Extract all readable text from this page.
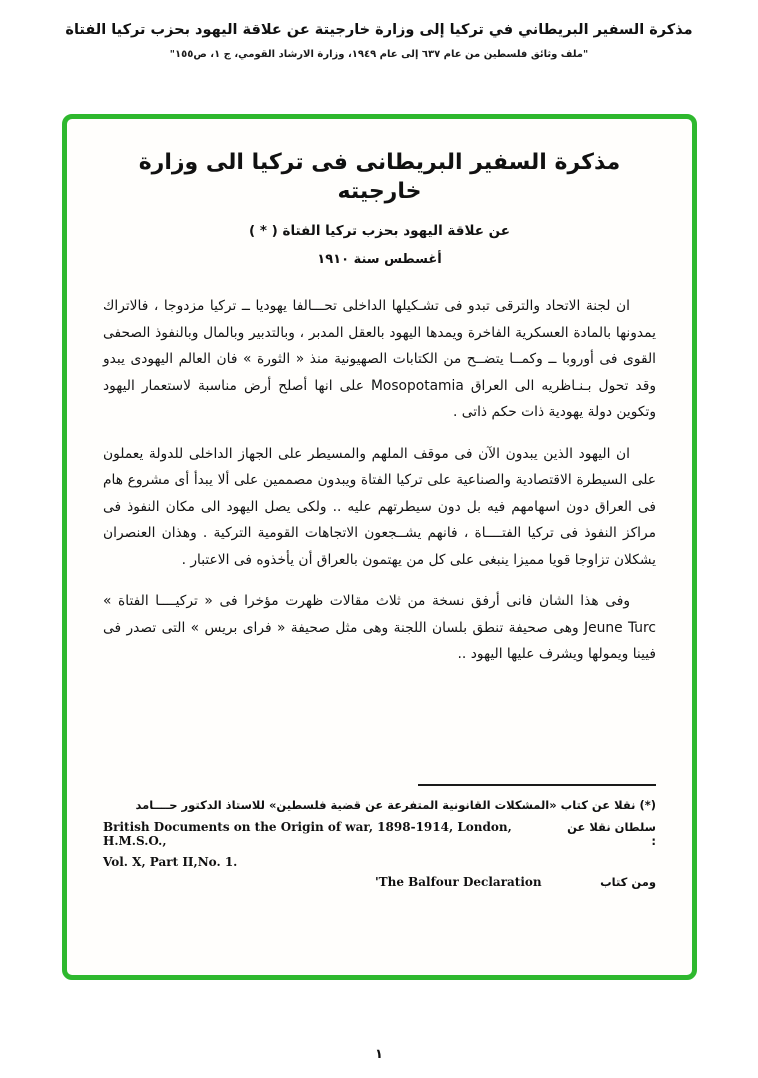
مذكرة السفير البريطاني في تركيا إلى وزارة خارجيتة عن علاقة اليهود بحزب تركيا الفتاة
"ملف وثائق فلسطين من عام ٦٣٧ إلى عام ١٩٤٩، وزارة الارشاد القومي، ج ١، ص١٥٥"
مذكرة السفير البريطانى فى تركيا الى وزارة خارجيته
عن علاقة اليهود بحزب تركيا الفتاة ( * )
أغسطس سنة ١٩١٠

ان لجنة الاتحاد والترقى تبدو فى تشـكيلها الداخلى تحـــالفا يهوديا ــ تركيا مزدوجا ، فالاتراك يمدونها بالمادة العسكرية الفاخرة ويمدها اليهود بالعقل المدبر ، وبالتدبير وبالمال وبالنفوذ الصحفى القوى فى أوروبا ــ وكمــا يتضــح من الكتابات الصهيونية منذ « الثورة » فان العالم اليهودى يبدو وقد تحول بـنـاظريه الى العراق Mosopotamia على انها أصلح أرض مناسبة لاستعمار اليهود وتكوين دولة يهودية ذات حكم ذاتى .

ان اليهود الذين يبدون الآن فى موقف الملهم والمسيطر على الجهاز الداخلى للدولة يعملون على السيطرة الاقتصادية والصناعية على تركيا الفتاة ويبدون مصممين على ألا يبدأ أى مشروع هام فى العراق دون اسهامهم فيه بل دون سيطرتهم عليه .. ولكى يصل اليهود الى مكان النفوذ فى مراكز النفوذ فى تركيا الفتــــاة ، فانهم يشــجعون الاتجاهات القومية التركية . وهذان العنصران يشكلان تزاوجا قويا مميزا ينبغى على كل من يهتمون بالعراق أن يأخذوه فى الاعتبار .

وفى هذا الشان فانى أرفق نسخة من ثلاث مقالات ظهرت مؤخرا فى « تركيــــا الفتاة » Jeune Turc وهى صحيفة تنطق بلسان اللجنة وهى مثل صحيفة « فراى بريس » التى تصدر فى فيينا ويمولها ويشرف عليها اليهود ..

(*) نقلا عن كتاب «المشكلات القانونية المتفرعة عن قضية فلسطين» للاستاذ الدكتور حــــامد
British Documents on the Origin of war, 1898-1914, London, H.M.S.O.,
سلطان نقلا عن :
Vol. X, Part II,No. 1.
'The Balfour Declaration	ومن كتاب
١
